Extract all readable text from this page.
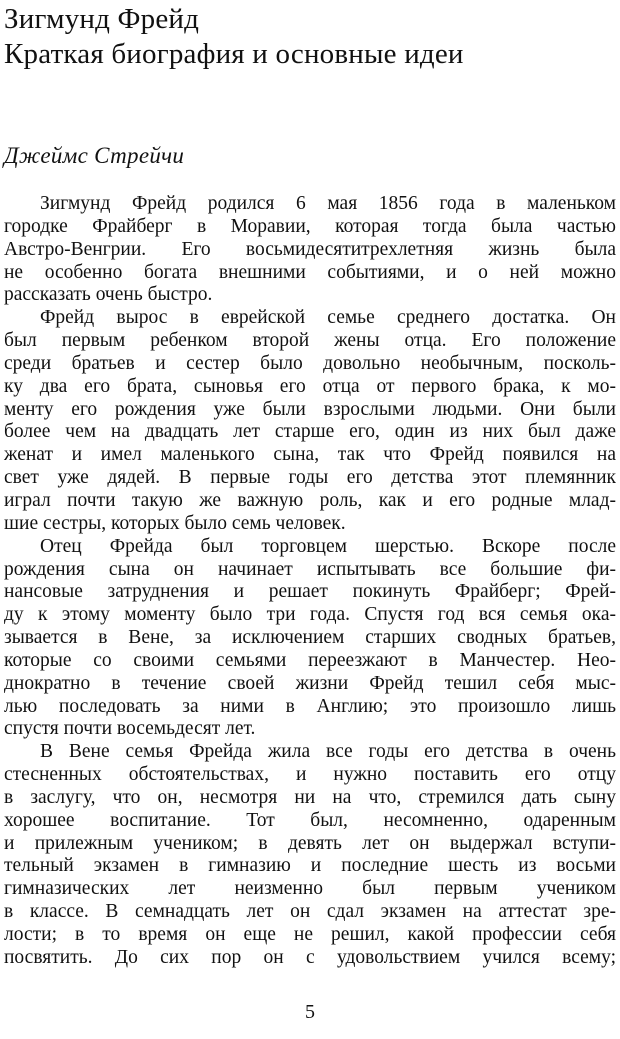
Зигмунд Фрейд
Краткая биография и основные идеи

Джеймс Стрейчи

Зигмунд Фрейд родился 6 мая 1856 года в маленьком
городке Фрайберг в Моравии, которая тогда была частью
Австро-Венгрии. Его восьмидесятитрехлетняя жизнь была
не особенно богата внешними событиями, и о ней можно
рассказать очень быстро.

Фрейд вырос в еврейской семье среднего достатка. Он
был первым ребенком второй жены отца. Его положение
среди братьев и сестер было довольно необычным, посколь-
ку два его брата, сыновья его отца от первого брака, к мо-
менту его рождения уже были взрослыми людьми. Они были
более чем на двадцать лет старше его, один из них был даже
женат и имел маленького сына, так что Фрейд появился на
свет уже дядей. В первые годы его детства этот племянник
играл почти такую же важную роль, как и его родные млад-
шие сестры, которых было семь человек.

Отец Фрейда был торговцем шерстью. Вскоре после
рождения сына он начинает испытывать все большие фи-
нансовые затруднения и решает покинуть Фрайберг; Фрей-
ду к этому моменту было три года. Спустя год вся семья ока-
зывается в Вене, за исключением старших сводных братьев,
которые со своими семьями переезжают в Манчестер. Нео-
днократно в течение своей жизни Фрейд тешил себя мыс-
лью последовать за ними в Англию; это произошло лишь
спустя почти восемьдесят лет.

В Вене семья Фрейда жила все годы его детства в очень
стесненных обстоятельствах, и нужно поставить его отцу
в заслугу, что он, несмотря ни на что, стремился дать сыну
хорошее воспитание. Тот был, несомненно, одаренным
и прилежным учеником; в девять лет он выдержал вступи-
тельный экзамен в гимназию и последние шесть из восьми
гимназических лет неизменно был первым учеником
в классе. В семнадцать лет он сдал экзамен на аттестат зре-
лости; в то время он еще не решил, какой профессии себя
посвятить. До сих пор он с удовольствием учился всему;

5
